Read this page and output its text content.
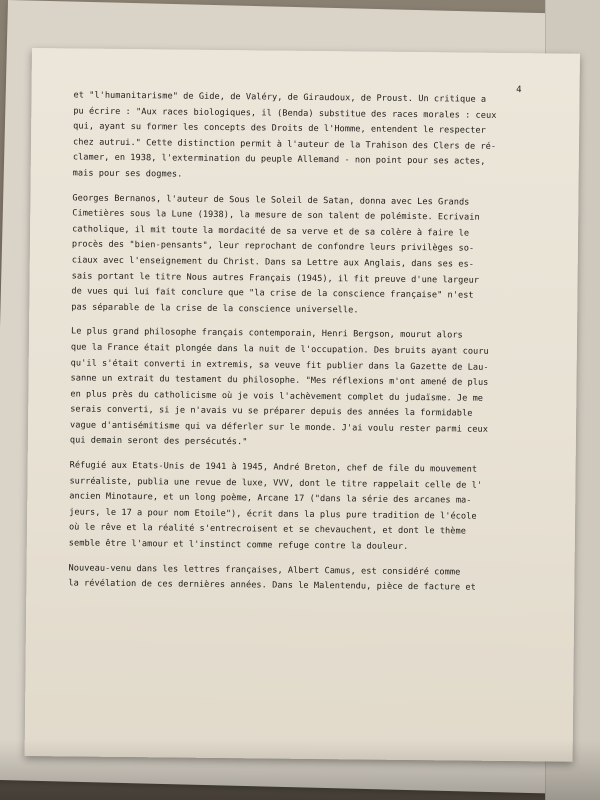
4
et "l'humanitarisme" de Gide, de Valéry, de Giraudoux, de Proust. Un critique a
pu écrire : "Aux races biologiques, il (Benda) substitue des races morales : ceux
qui, ayant su former les concepts des Droits de l'Homme, entendent le respecter
chez autrui." Cette distinction permit à l'auteur de la Trahison des Clers de ré-
clamer, en 1938, l'extermination du peuple Allemand - non point pour ses actes,
mais pour ses dogmes.
Georges Bernanos, l'auteur de Sous le Soleil de Satan, donna avec Les Grands
Cimetières sous la Lune (1938), la mesure de son talent de polémiste. Ecrivain
catholique, il mit toute la mordacité de sa verve et de sa colère à faire le
procès des "bien-pensants", leur reprochant de confondre leurs privilèges so-
ciaux avec l'enseignement du Christ. Dans sa Lettre aux Anglais, dans ses es-
sais portant le titre Nous autres Français (1945), il fit preuve d'une largeur
de vues qui lui fait conclure que "la crise de la conscience française" n'est
pas séparable de la crise de la conscience universelle.
Le plus grand philosophe français contemporain, Henri Bergson, mourut alors
que la France était plongée dans la nuit de l'occupation. Des bruits ayant couru
qu'il s'était converti in extremis, sa veuve fit publier dans la Gazette de Lau-
sanne un extrait du testament du philosophe. "Mes réflexions m'ont amené de plus
en plus près du catholicisme où je vois l'achèvement complet du judaïsme. Je me
serais converti, si je n'avais vu se préparer depuis des années la formidable
vague d'antisémitisme qui va déferler sur le monde. J'ai voulu rester parmi ceux
qui demain seront des persécutés."
Réfugié aux Etats-Unis de 1941 à 1945, André Breton, chef de file du mouvement
surréaliste, publia une revue de luxe, VVV, dont le titre rappelait celle de l'
ancien Minotaure, et un long poème, Arcane 17 ("dans la série des arcanes ma-
jeurs, le 17 a pour nom Etoile"), écrit dans la plus pure tradition de l'école
où le rêve et la réalité s'entrecroisent et se chevauchent, et dont le thème
semble être l'amour et l'instinct comme refuge contre la douleur.
Nouveau-venu dans les lettres françaises, Albert Camus, est considéré comme
la révélation de ces dernières années. Dans le Malentendu, pièce de facture et
